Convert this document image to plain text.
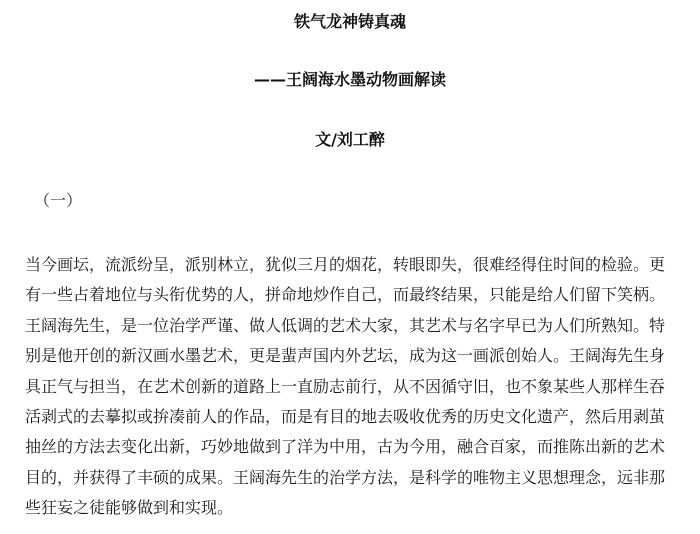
铁气龙神铸真魂
——王阔海水墨动物画解读
文/刘工醉
（一）

当今画坛，流派纷呈，派别林立，犹似三月的烟花，转眼即失，很难经得住时间的检验。更
有一些占着地位与头衔优势的人，拼命地炒作自己，而最终结果，只能是给人们留下笑柄。
王阔海先生，是一位治学严谨、做人低调的艺术大家，其艺术与名字早已为人们所熟知。特
别是他开创的新汉画水墨艺术，更是蜚声国内外艺坛，成为这一画派创始人。王阔海先生身
具正气与担当，在艺术创新的道路上一直励志前行，从不因循守旧，也不象某些人那样生吞
活剥式的去摹拟或拚凑前人的作品，而是有目的地去吸收优秀的历史文化遗产，然后用剥茧
抽丝的方法去变化出新，巧妙地做到了洋为中用，古为今用，融合百家，而推陈出新的艺术
目的，并获得了丰硕的成果。王阔海先生的治学方法，是科学的唯物主义思想理念，远非那
些狂妄之徒能够做到和实现。
